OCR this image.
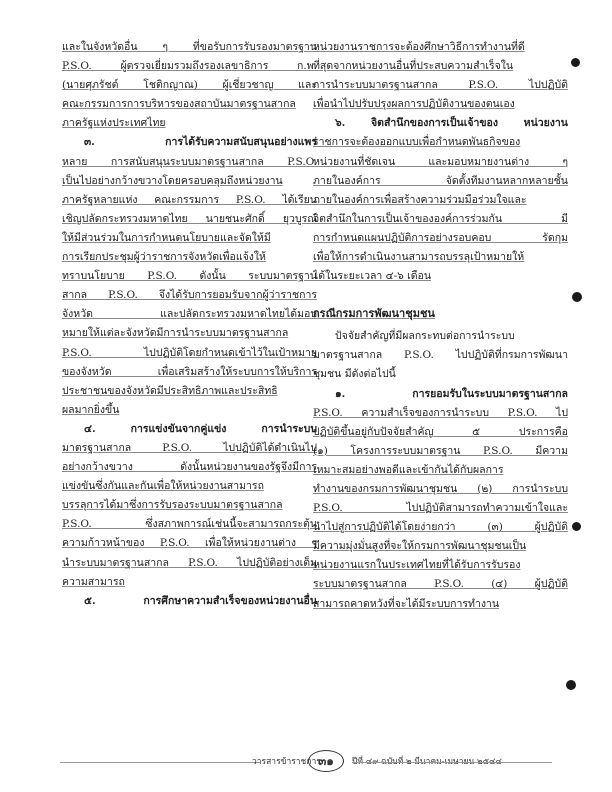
และในจังหวัดอื่น ๆ ที่ขอรับการรับรองมาตรฐาน
P.S.O. ผู้ตรวจเยี่ยมรวมถึงรองเลขาธิการ ก.พ.
(นายศุภรัชต์ โชติกญาณ) ผู้เชี่ยวชาญ และ
คณะกรรมการการบริหารของสถาบันมาตรฐานสากล
ภาครัฐแห่งประเทศไทย
๓. การได้รับความสนับสนุนอย่างแพร่
หลาย การสนับสนุนระบบมาตรฐานสากล P.S.O.
เป็นไปอย่างกว้างขวางโดยครอบคลุมถึงหน่วยงาน
ภาครัฐหลายแห่ง คณะกรรมการ P.S.O. ได้เรียน
เชิญปลัดกระทรวงมหาดไทย นายชนะศักดิ์ ยุวบูรณ์
ให้มีส่วนร่วมในการกำหนดนโยบายและจัดให้มี
การเรียกประชุมผู้ว่าราชการจังหวัดเพื่อแจ้งให้
ทราบนโยบาย P.S.O. ดังนั้น ระบบมาตรฐาน
สากล P.S.O. จึงได้รับการยอมรับจากผู้ว่าราชการ
จังหวัด และปลัดกระทรวงมหาดไทยได้มอบ
หมายให้แต่ละจังหวัดมีการนำระบบมาตรฐานสากล
P.S.O. ไปปฏิบัติโดยกำหนดเข้าไว้ในเป้าหมาย
ของจังหวัด เพื่อเสริมสร้างให้ระบบการให้บริการ
ประชาชนของจังหวัดมีประสิทธิภาพและประสิทธิ
ผลมากยิ่งขึ้น
๔. การแข่งขันจากคู่แข่ง การนำระบบ
มาตรฐานสากล P.S.O. ไปปฏิบัติได้ดำเนินไป
อย่างกว้างขวาง ดังนั้นหน่วยงานของรัฐจึงมีการ
แข่งขันซึ่งกันและกันเพื่อให้หน่วยงานสามารถ
บรรลุการได้มาซึ่งการรับรองระบบมาตรฐานสากล
P.S.O. ซึ่งสภาพการณ์เช่นนี้จะสามารถกระตุ้น
ความก้าวหน้าของ P.S.O. เพื่อให้หน่วยงานต่าง ๆ
นำระบบมาตรฐานสากล P.S.O. ไปปฏิบัติอย่างเต็ม
ความสามารถ
๕. การศึกษาความสำเร็จของหน่วยงานอื่น
หน่วยงานราชการจะต้องศึกษาวิธีการทำงานที่ดี
ที่สุดจากหน่วยงานอื่นที่ประสบความสำเร็จใน
การนำระบบมาตรฐานสากล P.S.O. ไปปฏิบัติ
เพื่อนำไปปรับปรุงผลการปฏิบัติงานของตนเอง
๖. จิตสำนึกของการเป็นเจ้าของ หน่วยงาน
ราชการจะต้องออกแบบเพื่อกำหนดพันธกิจของ
หน่วยงานที่ชัดเจน และมอบหมายงานต่าง ๆ
ภายในองค์การ จัดตั้งทีมงานหลากหลายชั้น
ภายในองค์การเพื่อสร้างความร่วมมือร่วมใจและ
จิตสำนึกในการเป็นเจ้าขององค์การร่วมกัน มี
การกำหนดแผนปฏิบัติการอย่างรอบคอบ รัดกุม
เพื่อให้การดำเนินงานสามารถบรรลุเป้าหมายให้
ได้ในระยะเวลา ๔-๖ เดือน
กรณีกรมการพัฒนาชุมชน
ปัจจัยสำคัญที่มีผลกระทบต่อการนำระบบ
มาตรฐานสากล P.S.O. ไปปฏิบัติที่กรมการพัฒนา
ชุมชน มีดังต่อไปนี้
๑. การยอมรับในระบบมาตรฐานสากล
P.S.O. ความสำเร็จของการนำระบบ P.S.O. ไป
ปฏิบัติขึ้นอยู่กับปัจจัยสำคัญ ๕ ประการคือ
(๑) โครงการระบบมาตรฐาน P.S.O. มีความ
เหมาะสมอย่างพอดีและเข้ากันได้กับผลการ
ทำงานของกรมการพัฒนาชุมชน (๒) การนำระบบ
P.S.O. ไปปฏิบัติสามารถทำความเข้าใจและ
นำไปสู่การปฏิบัติได้โดยง่ายกว่า (๓) ผู้ปฏิบัติ
มีความมุ่งมั่นสูงที่จะให้กรมการพัฒนาชุมชนเป็น
หน่วยงานแรกในประเทศไทยที่ได้รับการรับรอง
ระบบมาตรฐานสากล P.S.O. (๔) ผู้ปฏิบัติ
สามารถคาดหวังที่จะได้มีระบบการทำงาน
วารสารข้าราชการ
๓๑	ปีที่ ๔๙ ฉบับที่ ๒ มีนาคม-เมษายน ๒๕๔๔
